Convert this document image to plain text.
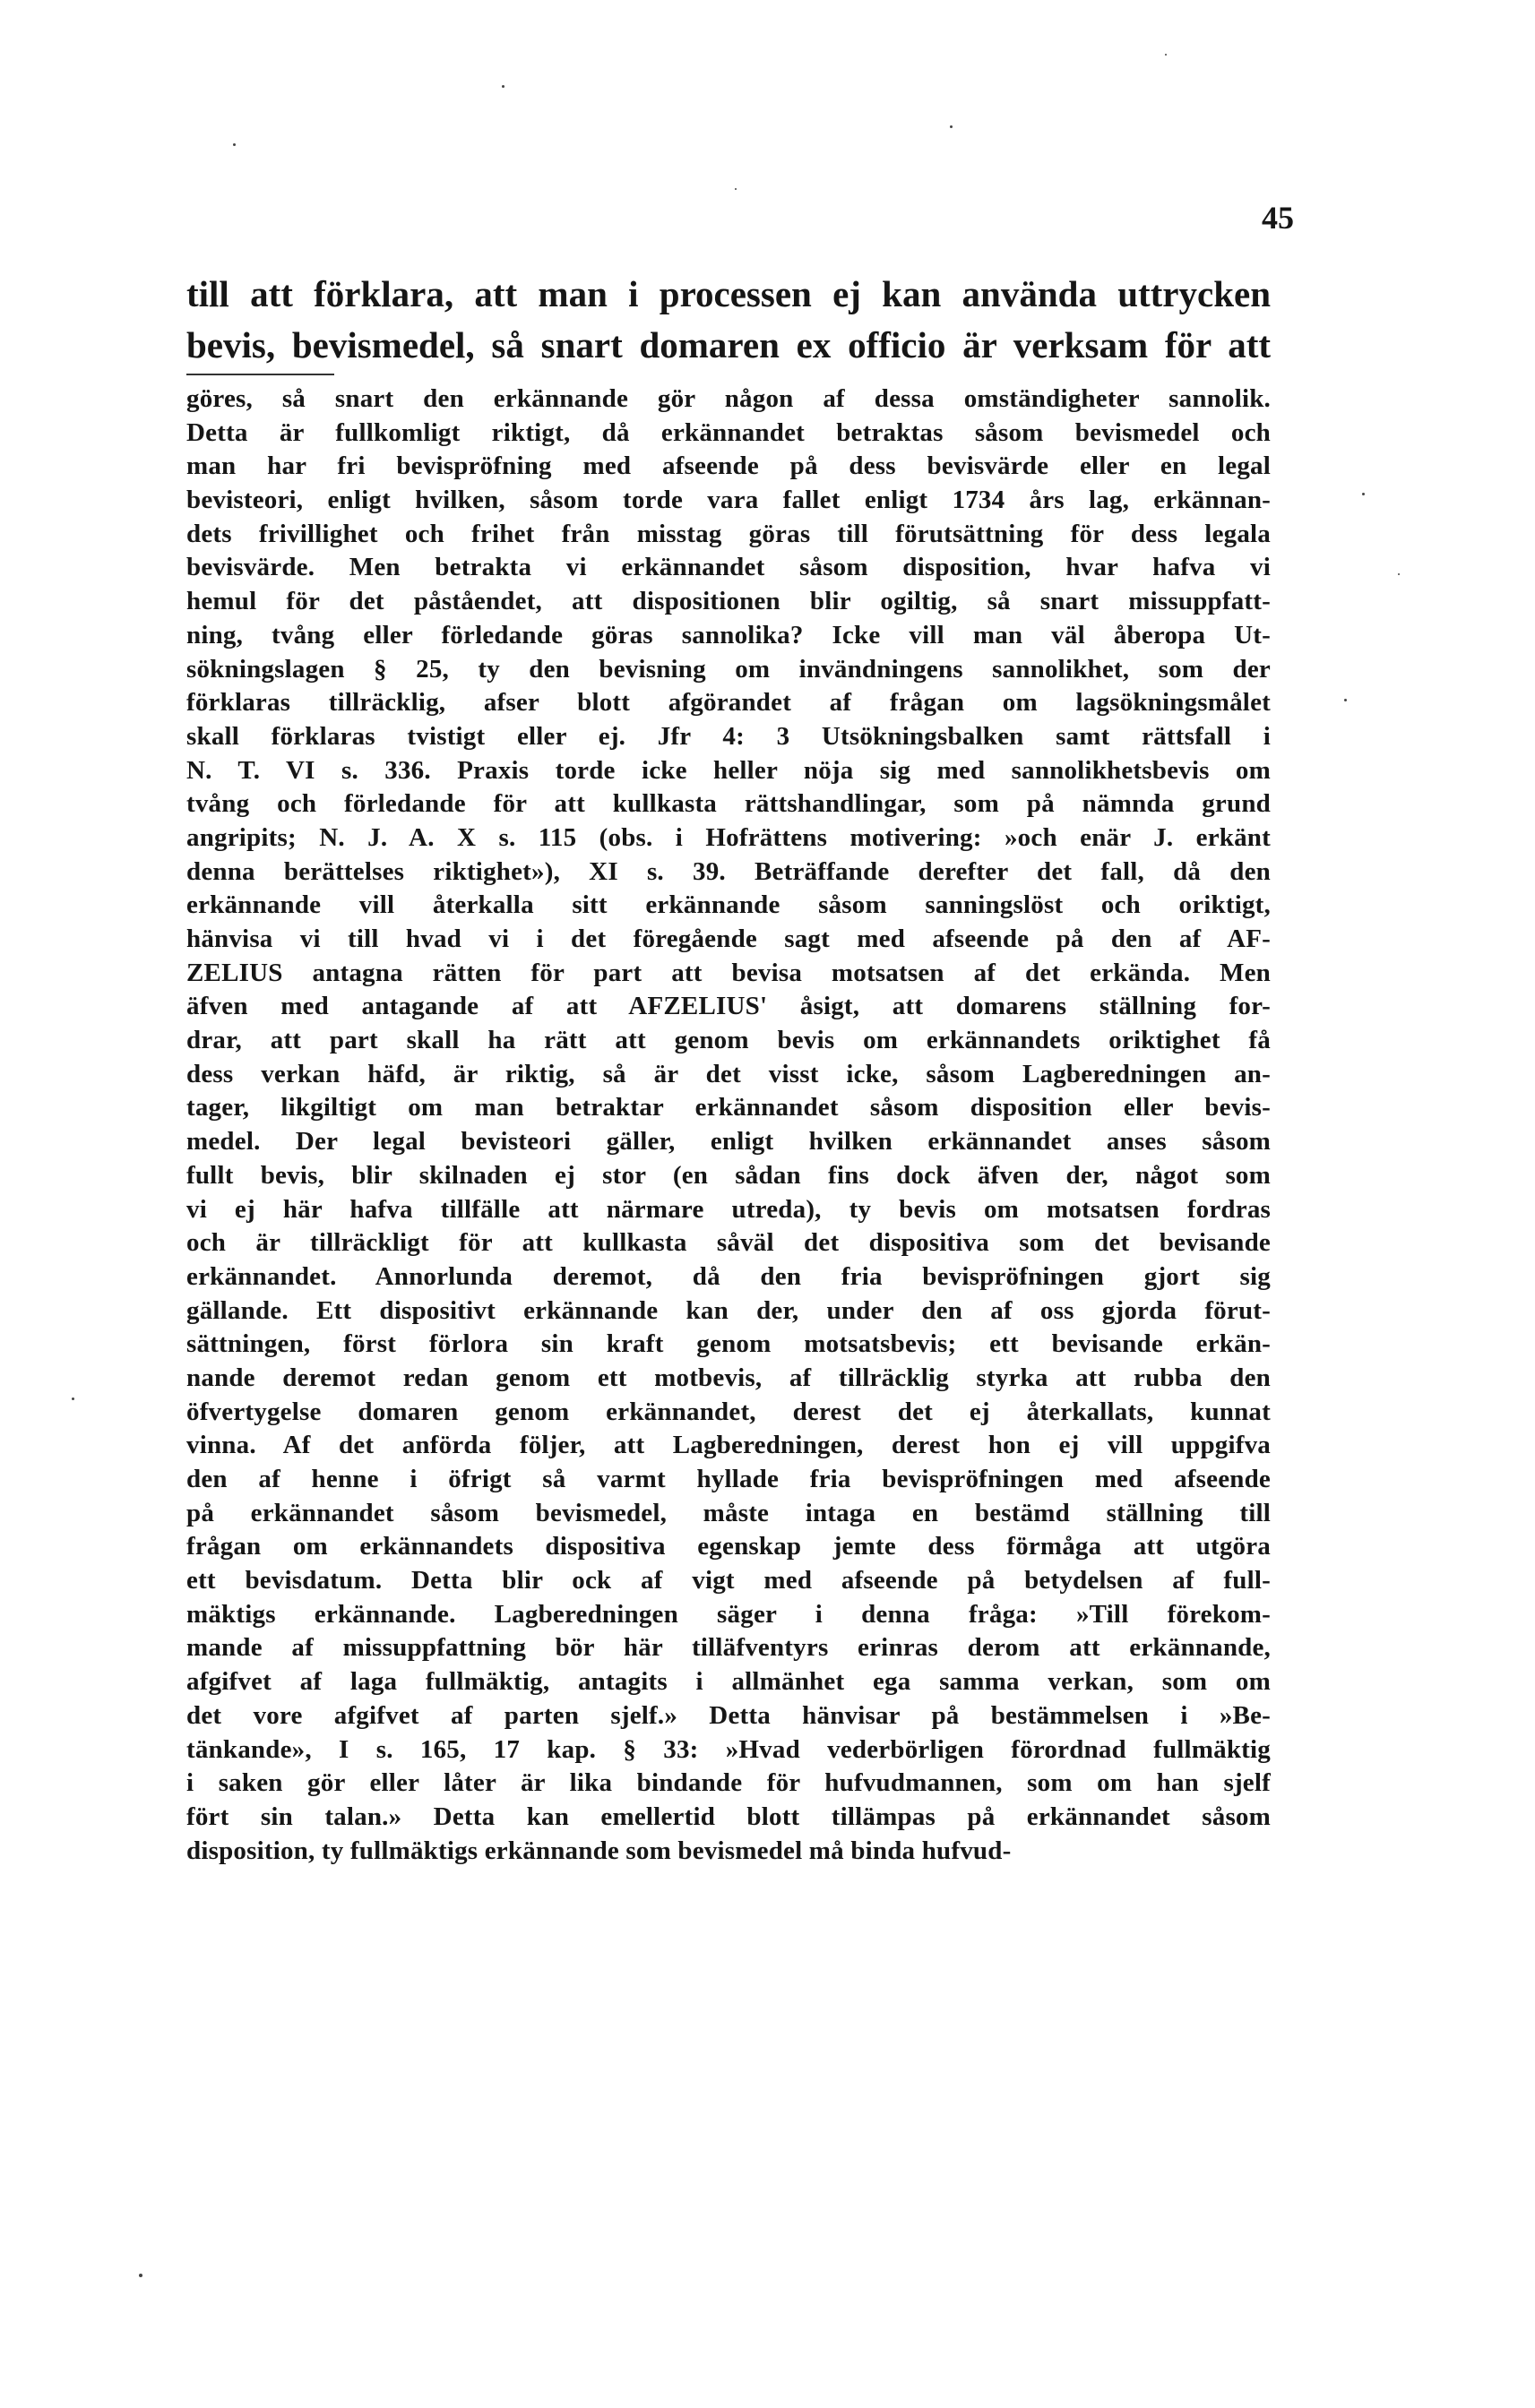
45
till att förklara, att man i processen ej kan använda uttrycken
bevis, bevismedel, så snart domaren ex officio är verksam för att
göres, så snart den erkännande gör någon af dessa omständigheter sannolik.
Detta är fullkomligt riktigt, då erkännandet betraktas såsom bevismedel och
man har fri bevispröfning med afseende på dess bevisvärde eller en legal
bevisteori, enligt hvilken, såsom torde vara fallet enligt 1734 års lag, erkännan-
dets frivillighet och frihet från misstag göras till förutsättning för dess legala
bevisvärde. Men betrakta vi erkännandet såsom disposition, hvar hafva vi
hemul för det påståendet, att dispositionen blir ogiltig, så snart missuppfatt-
ning, tvång eller förledande göras sannolika? Icke vill man väl åberopa Ut-
sökningslagen § 25, ty den bevisning om invändningens sannolikhet, som der
förklaras tillräcklig, afser blott afgörandet af frågan om lagsökningsmålet
skall förklaras tvistigt eller ej. Jfr 4: 3 Utsökningsbalken samt rättsfall i
N. T. VI s. 336. Praxis torde icke heller nöja sig med sannolikhetsbevis om
tvång och förledande för att kullkasta rättshandlingar, som på nämnda grund
angripits; N. J. A. X s. 115 (obs. i Hofrättens motivering: »och enär J. erkänt
denna berättelses riktighet»), XI s. 39. Beträffande derefter det fall, då den
erkännande vill återkalla sitt erkännande såsom sanningslöst och oriktigt,
hänvisa vi till hvad vi i det föregående sagt med afseende på den af AF-
ZELIUS antagna rätten för part att bevisa motsatsen af det erkända. Men
äfven med antagande af att AFZELIUS' åsigt, att domarens ställning for-
drar, att part skall ha rätt att genom bevis om erkännandets oriktighet få
dess verkan häfd, är riktig, så är det visst icke, såsom Lagberedningen an-
tager, likgiltigt om man betraktar erkännandet såsom disposition eller bevis-
medel. Der legal bevisteori gäller, enligt hvilken erkännandet anses såsom
fullt bevis, blir skilnaden ej stor (en sådan fins dock äfven der, något som
vi ej här hafva tillfälle att närmare utreda), ty bevis om motsatsen fordras
och är tillräckligt för att kullkasta såväl det dispositiva som det bevisande
erkännandet. Annorlunda deremot, då den fria bevispröfningen gjort sig
gällande. Ett dispositivt erkännande kan der, under den af oss gjorda förut-
sättningen, först förlora sin kraft genom motsatsbevis; ett bevisande erkän-
nande deremot redan genom ett motbevis, af tillräcklig styrka att rubba den
öfvertygelse domaren genom erkännandet, derest det ej återkallats, kunnat
vinna. Af det anförda följer, att Lagberedningen, derest hon ej vill uppgifva
den af henne i öfrigt så varmt hyllade fria bevispröfningen med afseende
på erkännandet såsom bevismedel, måste intaga en bestämd ställning till
frågan om erkännandets dispositiva egenskap jemte dess förmåga att utgöra
ett bevisdatum. Detta blir ock af vigt med afseende på betydelsen af full-
mäktigs erkännande. Lagberedningen säger i denna fråga: »Till förekom-
mande af missuppfattning bör här tilläfventyrs erinras derom att erkännande,
afgifvet af laga fullmäktig, antagits i allmänhet ega samma verkan, som om
det vore afgifvet af parten sjelf.» Detta hänvisar på bestämmelsen i »Be-
tänkande», I s. 165, 17 kap. § 33: »Hvad vederbörligen förordnad fullmäktig
i saken gör eller låter är lika bindande för hufvudmannen, som om han sjelf
fört sin talan.» Detta kan emellertid blott tillämpas på erkännandet såsom
disposition, ty fullmäktigs erkännande som bevismedel må binda hufvud-
